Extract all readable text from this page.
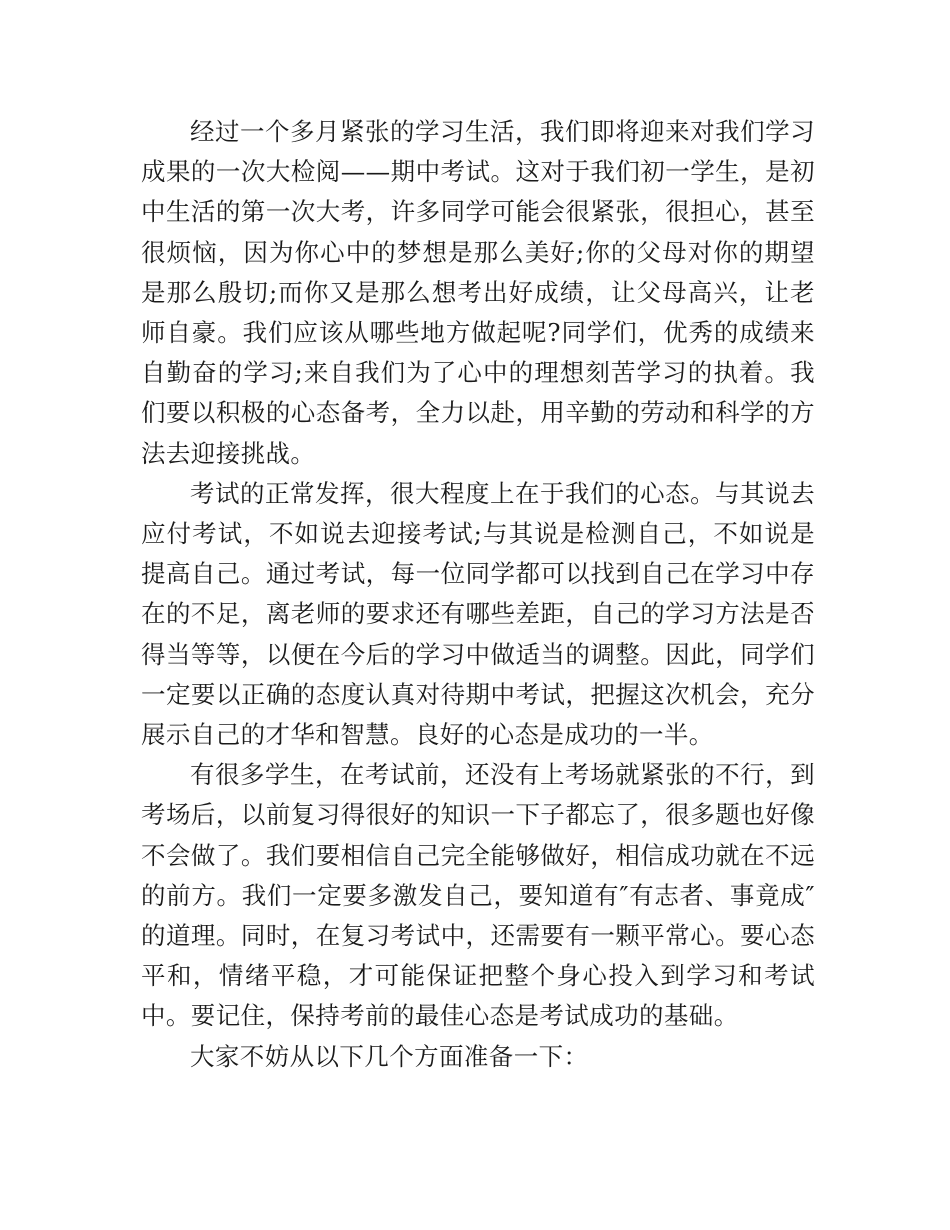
经过一个多月紧张的学习生活，我们即将迎来对我们学习成果的一次大检阅——期中考试。这对于我们初一学生，是初中生活的第一次大考，许多同学可能会很紧张，很担心，甚至很烦恼，因为你心中的梦想是那么美好;你的父母对你的期望是那么殷切;而你又是那么想考出好成绩，让父母高兴，让老师自豪。我们应该从哪些地方做起呢?同学们，优秀的成绩来自勤奋的学习;来自我们为了心中的理想刻苦学习的执着。我们要以积极的心态备考，全力以赴，用辛勤的劳动和科学的方法去迎接挑战。

考试的正常发挥，很大程度上在于我们的心态。与其说去应付考试，不如说去迎接考试;与其说是检测自己，不如说是提高自己。通过考试，每一位同学都可以找到自己在学习中存在的不足，离老师的要求还有哪些差距，自己的学习方法是否得当等等，以便在今后的学习中做适当的调整。因此，同学们一定要以正确的态度认真对待期中考试，把握这次机会，充分展示自己的才华和智慧。良好的心态是成功的一半。

有很多学生，在考试前，还没有上考场就紧张的不行，到考场后，以前复习得很好的知识一下子都忘了，很多题也好像不会做了。我们要相信自己完全能够做好，相信成功就在不远的前方。我们一定要多激发自己，要知道有″有志者、事竟成″的道理。同时，在复习考试中，还需要有一颗平常心。要心态平和，情绪平稳，才可能保证把整个身心投入到学习和考试中。要记住，保持考前的最佳心态是考试成功的基础。

大家不妨从以下几个方面准备一下：
